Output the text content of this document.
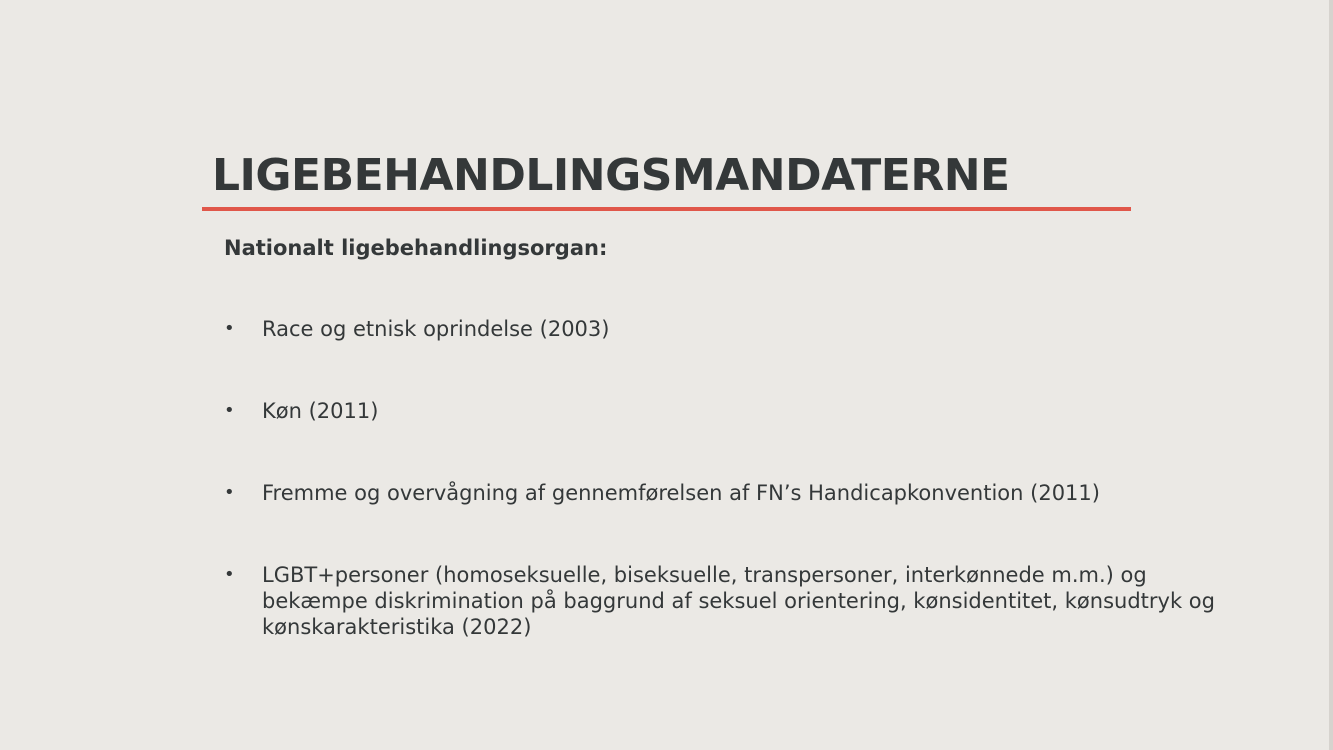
LIGEBEHANDLINGSMANDATERNE

Nationalt ligebehandlingsorgan:

•	Race og etnisk oprindelse (2003)
•	Køn (2011)
•	Fremme og overvågning af gennemførelsen af FN’s Handicapkonvention (2011)
•	LGBT+personer (homoseksuelle, biseksuelle, transpersoner, interkønnede m.m.) og bekæmpe diskrimination på baggrund af seksuel orientering, kønsidentitet, kønsudtryk og kønskarakteristika (2022)
